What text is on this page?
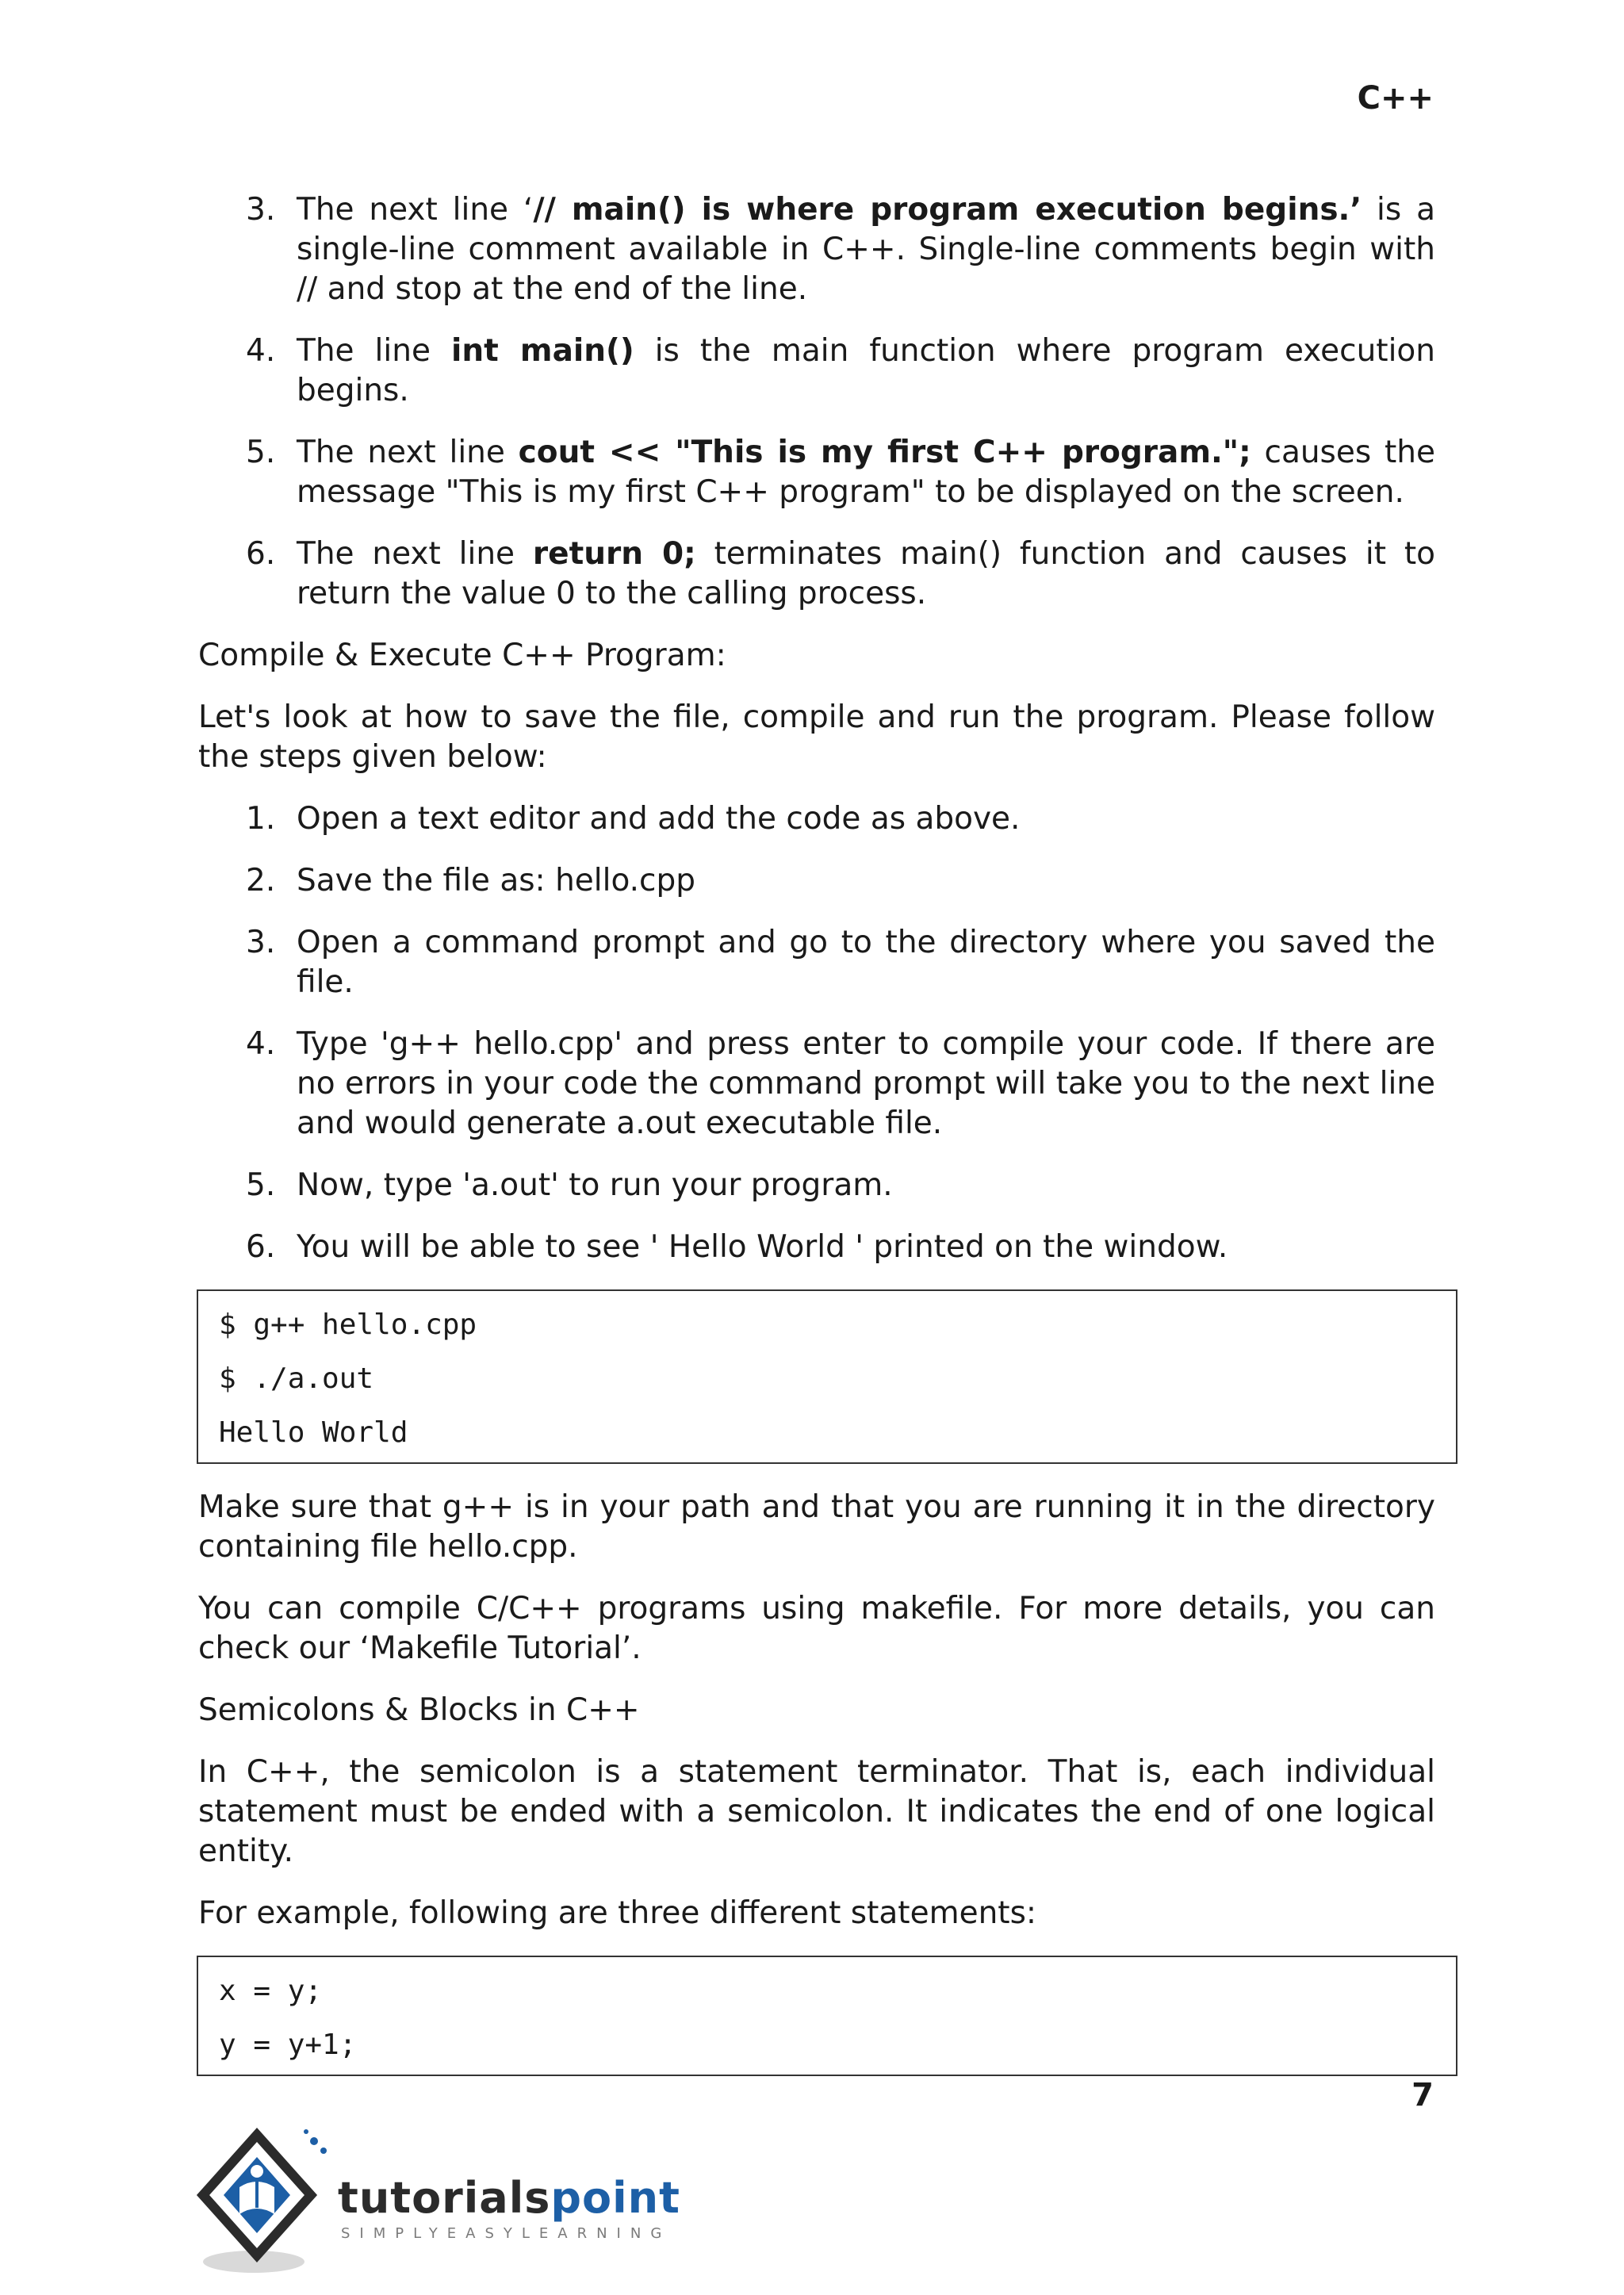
C++
3. The next line ‘// main() is where program execution begins.’ is a single-line comment available in C++. Single-line comments begin with // and stop at the end of the line.
4. The line int main() is the main function where program execution begins.
5. The next line cout << "This is my first C++ program."; causes the message "This is my first C++ program" to be displayed on the screen.
6. The next line return 0; terminates main() function and causes it to return the value 0 to the calling process.

Compile & Execute C++ Program:

Let's look at how to save the file, compile and run the program. Please follow the steps given below:

1. Open a text editor and add the code as above.
2. Save the file as: hello.cpp
3. Open a command prompt and go to the directory where you saved the file.
4. Type 'g++ hello.cpp' and press enter to compile your code. If there are no errors in your code the command prompt will take you to the next line and would generate a.out executable file.
5. Now, type 'a.out' to run your program.
6. You will be able to see ' Hello World ' printed on the window.
$ g++ hello.cpp
$ ./a.out
Hello World

Make sure that g++ is in your path and that you are running it in the directory containing file hello.cpp.

You can compile C/C++ programs using makefile. For more details, you can check our ‘Makefile Tutorial’.

Semicolons & Blocks in C++

In C++, the semicolon is a statement terminator. That is, each individual statement must be ended with a semicolon. It indicates the end of one logical entity.

For example, following are three different statements:

x = y;
y = y+1;
7
tutorialspoint
SIMPLYEASYLEARNING
